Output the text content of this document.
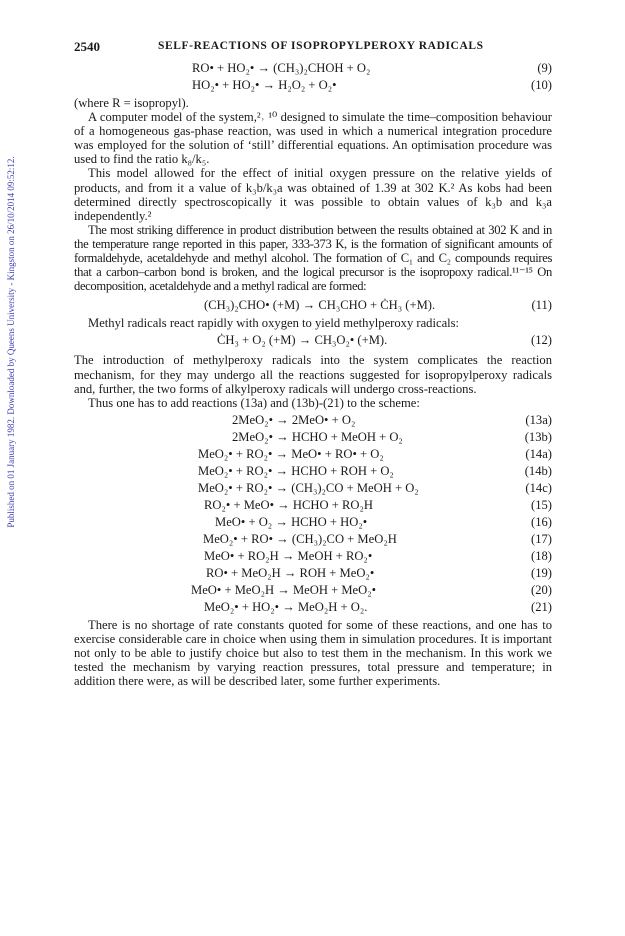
Published on 01 January 1982. Downloaded by Queens University - Kingston on 26/10/2014 09:52:12.
2540	SELF-REACTIONS OF ISOPROPYLPEROXY RADICALS
RO• + HO₂• → (CH₃)₂CHOH + O₂	(9)
HO₂• + HO₂• → H₂O₂ + O₂•	(10)

(where R = isopropyl).

A computer model of the system,²˒ ¹⁰ designed to simulate the time–composition behaviour of a homogeneous gas-phase reaction, was used in which a numerical integration procedure was employed for the solution of ‘still’ differential equations. An optimisation procedure was used to find the ratio k₈/k₅.

This model allowed for the effect of initial oxygen pressure on the relative yields of products, and from it a value of k₃b/k₃a was obtained of 1.39 at 302 K.² As kobs had been determined directly spectroscopically it was possible to obtain values of k₃b and k₃a independently.²

The most striking difference in product distribution between the results obtained at 302 K and in the temperature range reported in this paper, 333-373 K, is the formation of significant amounts of formaldehyde, acetaldehyde and methyl alcohol. The formation of C₁ and C₂ compounds requires that a carbon–carbon bond is broken, and the logical precursor is the isopropoxy radical.¹¹⁻¹⁵ On decomposition, acetaldehyde and a methyl radical are formed:

(CH₃)₂CHO• (+M) → CH₃CHO + ĊH₃ (+M).	(11)

Methyl radicals react rapidly with oxygen to yield methylperoxy radicals:

ĊH₃ + O₂ (+M) → CH₃O₂• (+M).	(12)

The introduction of methylperoxy radicals into the system complicates the reaction mechanism, for they may undergo all the reactions suggested for isopropylperoxy radicals and, further, the two forms of alkylperoxy radicals will undergo cross-reactions.

Thus one has to add reactions (13a) and (13b)-(21) to the scheme:

2MeO₂• → 2MeO• + O₂	(13a)
2MeO₂• → HCHO + MeOH + O₂	(13b)
MeO₂• + RO₂• → MeO• + RO• + O₂	(14a)
MeO₂• + RO₂• → HCHO + ROH + O₂	(14b)
MeO₂• + RO₂• → (CH₃)₂CO + MeOH + O₂	(14c)
RO₂• + MeO• → HCHO + RO₂H	(15)
MeO• + O₂ → HCHO + HO₂•	(16)
MeO₂• + RO• → (CH₃)₂CO + MeO₂H	(17)
MeO• + RO₂H → MeOH + RO₂•	(18)
RO• + MeO₂H → ROH + MeO₂•	(19)
MeO• + MeO₂H → MeOH + MeO₂•	(20)
MeO₂• + HO₂• → MeO₂H + O₂.	(21)

There is no shortage of rate constants quoted for some of these reactions, and one has to exercise considerable care in choice when using them in simulation procedures. It is important not only to be able to justify choice but also to test them in the mechanism. In this work we tested the mechanism by varying reaction pressures, total pressure and temperature; in addition there were, as will be described later, some further experiments.
